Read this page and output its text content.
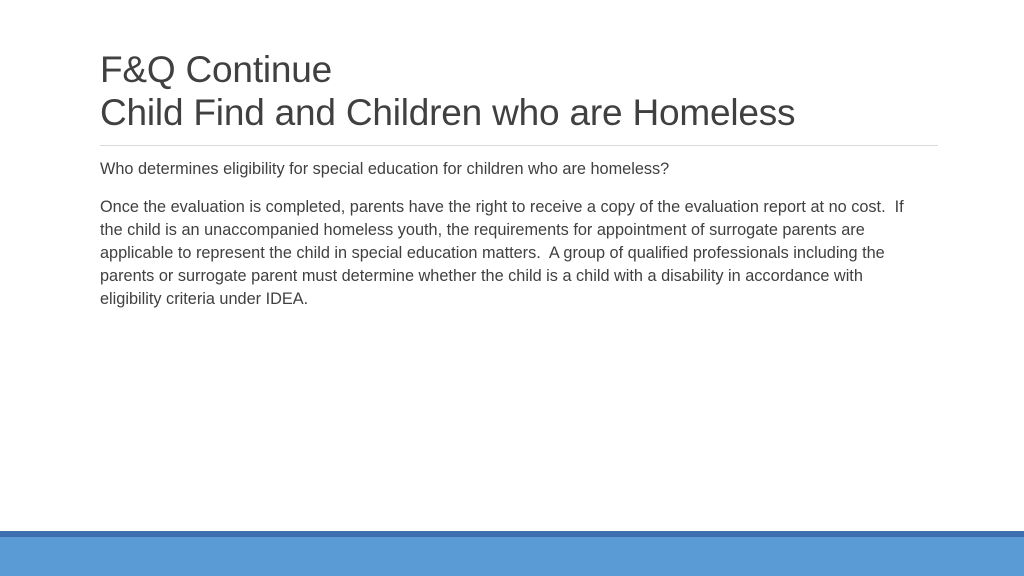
F&Q Continue
Child Find and Children who are Homeless

Who determines eligibility for special education for children who are homeless?

Once the evaluation is completed, parents have the right to receive a copy of the evaluation report at no cost.  If the child is an unaccompanied homeless youth, the requirements for appointment of surrogate parents are applicable to represent the child in special education matters.  A group of qualified professionals including the parents or surrogate parent must determine whether the child is a child with a disability in accordance with eligibility criteria under IDEA.
